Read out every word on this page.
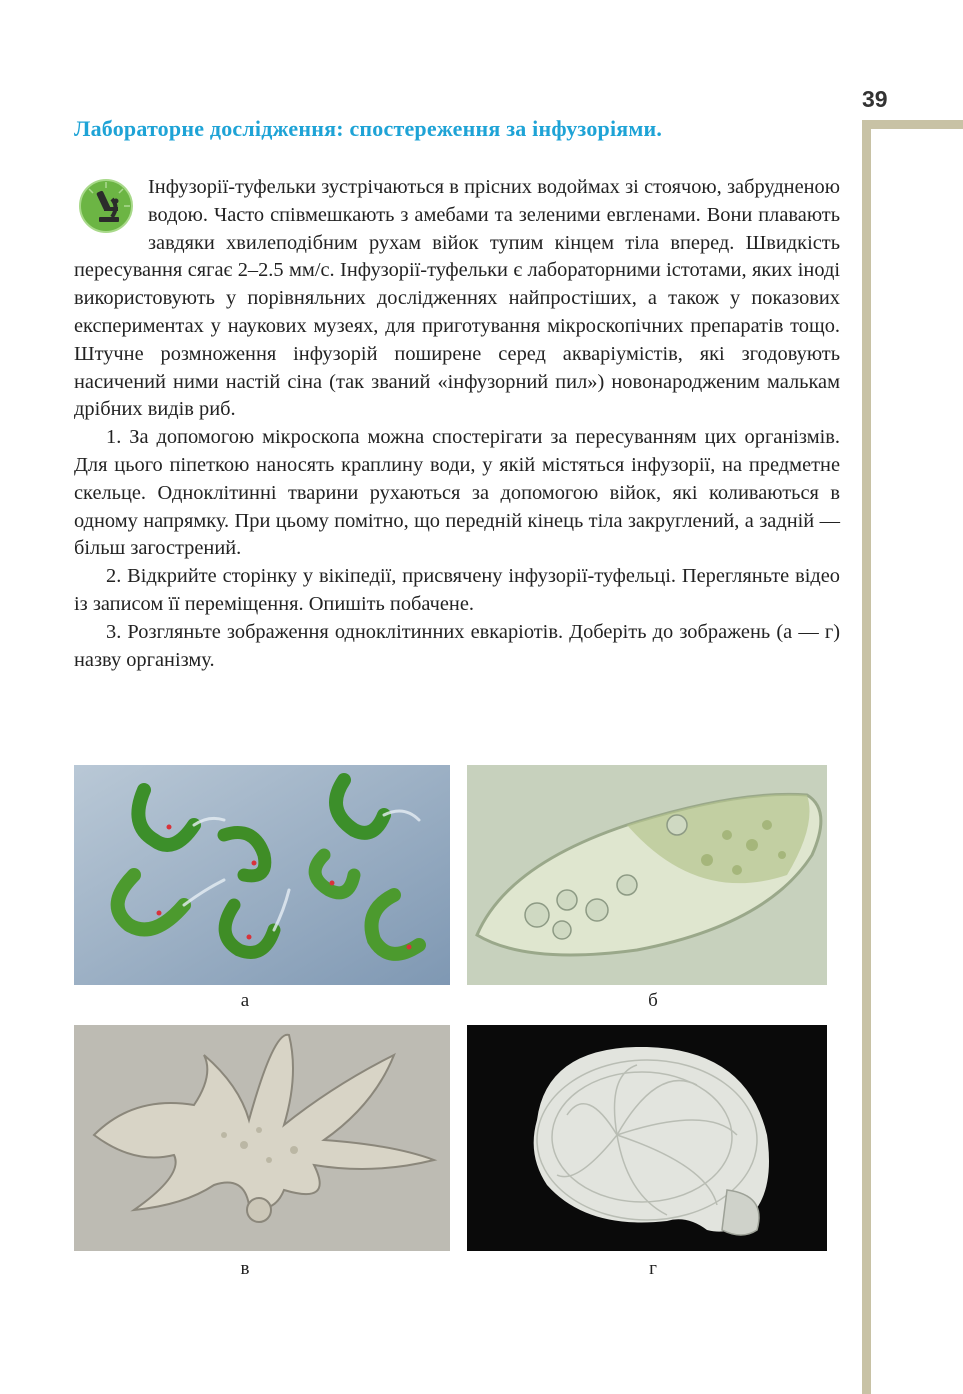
39
Лабораторне дослідження: спостереження за інфузоріями.

Інфузорії-туфельки зустрічаються в прісних водоймах зі стоячою, забрудненою водою. Часто співмешкають з амебами та зеленими евгленами. Вони плавають завдяки хвилеподібним рухам війок тупим кінцем тіла вперед. Швидкість пересування сягає 2–2.5 мм/с. Інфузорії-туфельки є лабораторними істотами, яких іноді використовують у порівняльних дослідженнях найпростіших, а також у показових експериментах у наукових музеях, для приготування мікроскопічних препаратів тощо. Штучне розмноження інфузорій поширене серед акваріумістів, які згодовують насичений ними настій сіна (так званий «інфузорний пил») новонародженим малькам дрібних видів риб.

1. За допомогою мікроскопа можна спостерігати за пересуванням цих організмів. Для цього піпеткою наносять краплину води, у якій містяться інфузорії, на предметне скельце. Одноклітинні тварини рухаються за допомогою війок, які коливаються в одному напрямку. При цьому помітно, що передній кінець тіла закруглений, а задній — більш загострений.

2. Відкрийте сторінку у вікіпедії, присвячену інфузорії-туфельці. Перегляньте відео із записом її переміщення. Опишіть побачене.

3. Розгляньте зображення одноклітинних евкаріотів. Доберіть до зображень (а — г) назву організму.

а	б
в	г
